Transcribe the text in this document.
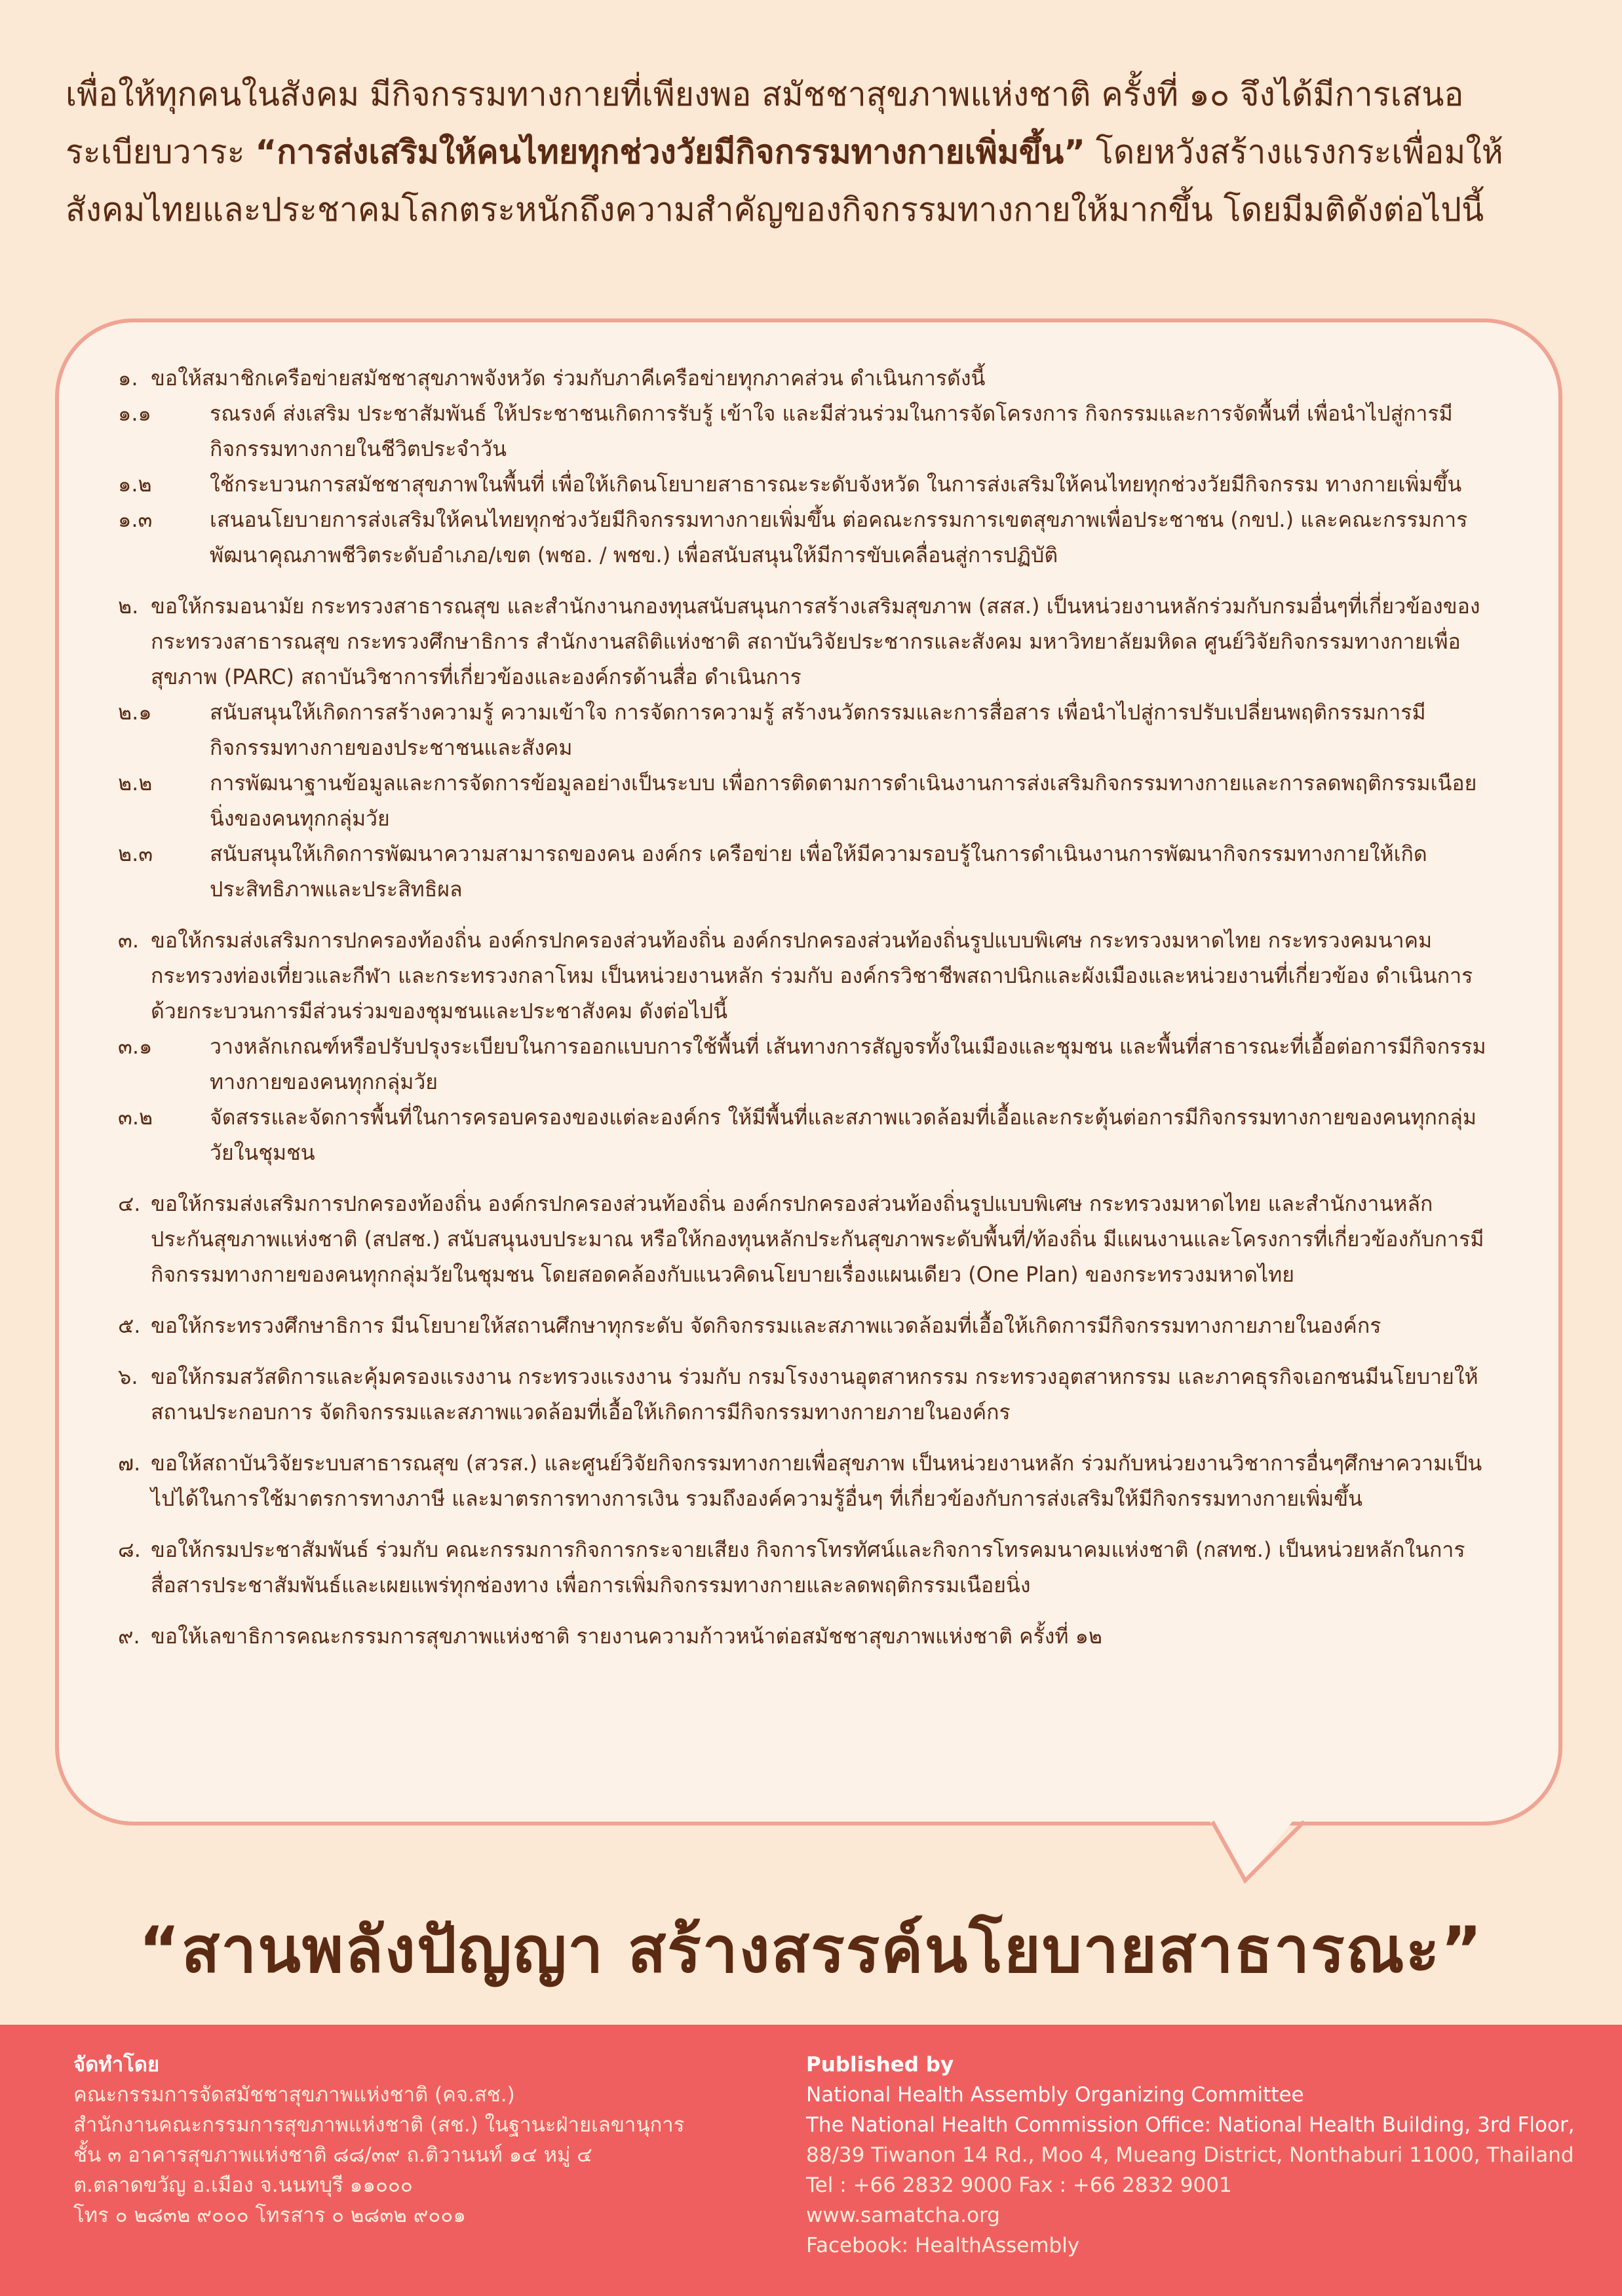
เพื่อให้ทุกคนในสังคม มีกิจกรรมทางกายที่เพียงพอ สมัชชาสุขภาพแห่งชาติ ครั้งที่ ๑๐ จึงได้มีการเสนอระเบียบวาระ “การส่งเสริมให้คนไทยทุกช่วงวัยมีกิจกรรมทางกายเพิ่มขึ้น” โดยหวังสร้างแรงกระเพื่อมให้สังคมไทยและประชาคมโลกตระหนักถึงความสำคัญของกิจกรรมทางกายให้มากขึ้น โดยมีมติดังต่อไปนี้
๑. ขอให้สมาชิกเครือข่ายสมัชชาสุขภาพจังหวัด ร่วมกับภาคีเครือข่ายทุกภาคส่วน ดำเนินการดังนี้
๑.๑	รณรงค์ ส่งเสริม ประชาสัมพันธ์ ให้ประชาชนเกิดการรับรู้ เข้าใจ และมีส่วนร่วมในการจัดโครงการ กิจกรรมและการจัดพื้นที่ เพื่อนำไปสู่การมีกิจกรรมทางกายในชีวิตประจำวัน
๑.๒	ใช้กระบวนการสมัชชาสุขภาพในพื้นที่ เพื่อให้เกิดนโยบายสาธารณะระดับจังหวัด ในการส่งเสริมให้คนไทยทุกช่วงวัยมีกิจกรรม ทางกายเพิ่มขึ้น
๑.๓	เสนอนโยบายการส่งเสริมให้คนไทยทุกช่วงวัยมีกิจกรรมทางกายเพิ่มขึ้น ต่อคณะกรรมการเขตสุขภาพเพื่อประชาชน (กขป.) และคณะกรรมการพัฒนาคุณภาพชีวิตระดับอำเภอ/เขต (พชอ. / พชข.) เพื่อสนับสนุนให้มีการขับเคลื่อนสู่การปฏิบัติ
๒. ขอให้กรมอนามัย กระทรวงสาธารณสุข และสำนักงานกองทุนสนับสนุนการสร้างเสริมสุขภาพ (สสส.) เป็นหน่วยงานหลักร่วมกับกรมอื่นๆที่เกี่ยวข้องของกระทรวงสาธารณสุข กระทรวงศึกษาธิการ สำนักงานสถิติแห่งชาติ สถาบันวิจัยประชากรและสังคม มหาวิทยาลัยมหิดล ศูนย์วิจัยกิจกรรมทางกายเพื่อสุขภาพ (PARC) สถาบันวิชาการที่เกี่ยวข้องและองค์กรด้านสื่อ ดำเนินการ
๒.๑	สนับสนุนให้เกิดการสร้างความรู้ ความเข้าใจ การจัดการความรู้ สร้างนวัตกรรมและการสื่อสาร เพื่อนำไปสู่การปรับเปลี่ยนพฤติกรรมการมีกิจกรรมทางกายของประชาชนและสังคม
๒.๒	การพัฒนาฐานข้อมูลและการจัดการข้อมูลอย่างเป็นระบบ เพื่อการติดตามการดำเนินงานการส่งเสริมกิจกรรมทางกายและการลดพฤติกรรมเนือยนิ่งของคนทุกกลุ่มวัย
๒.๓	สนับสนุนให้เกิดการพัฒนาความสามารถของคน องค์กร เครือข่าย เพื่อให้มีความรอบรู้ในการดำเนินงานการพัฒนากิจกรรมทางกายให้เกิดประสิทธิภาพและประสิทธิผล
๓. ขอให้กรมส่งเสริมการปกครองท้องถิ่น องค์กรปกครองส่วนท้องถิ่น องค์กรปกครองส่วนท้องถิ่นรูปแบบพิเศษ กระทรวงมหาดไทย กระทรวงคมนาคม กระทรวงท่องเที่ยวและกีฬา และกระทรวงกลาโหม เป็นหน่วยงานหลัก ร่วมกับ องค์กรวิชาชีพสถาปนิกและผังเมืองและหน่วยงานที่เกี่ยวข้อง ดำเนินการด้วยกระบวนการมีส่วนร่วมของชุมชนและประชาสังคม ดังต่อไปนี้
๓.๑	วางหลักเกณฑ์หรือปรับปรุงระเบียบในการออกแบบการใช้พื้นที่ เส้นทางการสัญจรทั้งในเมืองและชุมชน และพื้นที่สาธารณะที่เอื้อต่อการมีกิจกรรมทางกายของคนทุกกลุ่มวัย
๓.๒	จัดสรรและจัดการพื้นที่ในการครอบครองของแต่ละองค์กร ให้มีพื้นที่และสภาพแวดล้อมที่เอื้อและกระตุ้นต่อการมีกิจกรรมทางกายของคนทุกกลุ่มวัยในชุมชน
๔. ขอให้กรมส่งเสริมการปกครองท้องถิ่น องค์กรปกครองส่วนท้องถิ่น องค์กรปกครองส่วนท้องถิ่นรูปแบบพิเศษ กระทรวงมหาดไทย และสำนักงานหลักประกันสุขภาพแห่งชาติ (สปสช.) สนับสนุนงบประมาณ หรือให้กองทุนหลักประกันสุขภาพระดับพื้นที่/ท้องถิ่น มีแผนงานและโครงการที่เกี่ยวข้องกับการมีกิจกรรมทางกายของคนทุกกลุ่มวัยในชุมชน โดยสอดคล้องกับแนวคิดนโยบายเรื่องแผนเดียว (One Plan) ของกระทรวงมหาดไทย
๕. ขอให้กระทรวงศึกษาธิการ มีนโยบายให้สถานศึกษาทุกระดับ จัดกิจกรรมและสภาพแวดล้อมที่เอื้อให้เกิดการมีกิจกรรมทางกายภายในองค์กร
๖. ขอให้กรมสวัสดิการและคุ้มครองแรงงาน กระทรวงแรงงาน ร่วมกับ กรมโรงงานอุตสาหกรรม กระทรวงอุตสาหกรรม และภาคธุรกิจเอกชนมีนโยบายให้สถานประกอบการ จัดกิจกรรมและสภาพแวดล้อมที่เอื้อให้เกิดการมีกิจกรรมทางกายภายในองค์กร
๗. ขอให้สถาบันวิจัยระบบสาธารณสุข (สวรส.) และศูนย์วิจัยกิจกรรมทางกายเพื่อสุขภาพ เป็นหน่วยงานหลัก ร่วมกับหน่วยงานวิชาการอื่นๆศึกษาความเป็นไปได้ในการใช้มาตรการทางภาษี และมาตรการทางการเงิน รวมถึงองค์ความรู้อื่นๆ ที่เกี่ยวข้องกับการส่งเสริมให้มีกิจกรรมทางกายเพิ่มขึ้น
๘. ขอให้กรมประชาสัมพันธ์ ร่วมกับ คณะกรรมการกิจการกระจายเสียง กิจการโทรทัศน์และกิจการโทรคมนาคมแห่งชาติ (กสทช.) เป็นหน่วยหลักในการสื่อสารประชาสัมพันธ์และเผยแพร่ทุกช่องทาง เพื่อการเพิ่มกิจกรรมทางกายและลดพฤติกรรมเนือยนิ่ง
๙. ขอให้เลขาธิการคณะกรรมการสุขภาพแห่งชาติ รายงานความก้าวหน้าต่อสมัชชาสุขภาพแห่งชาติ ครั้งที่ ๑๒
“สานพลังปัญญา สร้างสรรค์นโยบายสาธารณะ”
จัดทำโดย
คณะกรรมการจัดสมัชชาสุขภาพแห่งชาติ (คจ.สช.)
สำนักงานคณะกรรมการสุขภาพแห่งชาติ (สช.) ในฐานะฝ่ายเลขานุการ
ชั้น ๓ อาคารสุขภาพแห่งชาติ ๘๘/๓๙ ถ.ติวานนท์ ๑๔ หมู่ ๔
ต.ตลาดขวัญ อ.เมือง จ.นนทบุรี ๑๑๐๐๐
โทร ๐ ๒๘๓๒ ๙๐๐๐ โทรสาร ๐ ๒๘๓๒ ๙๐๐๑
Published by
National Health Assembly Organizing Committee
The National Health Commission Office: National Health Building, 3rd Floor,
88/39 Tiwanon 14 Rd., Moo 4, Mueang District, Nonthaburi 11000, Thailand
Tel : +66 2832 9000 Fax : +66 2832 9001
www.samatcha.org
Facebook: HealthAssembly
